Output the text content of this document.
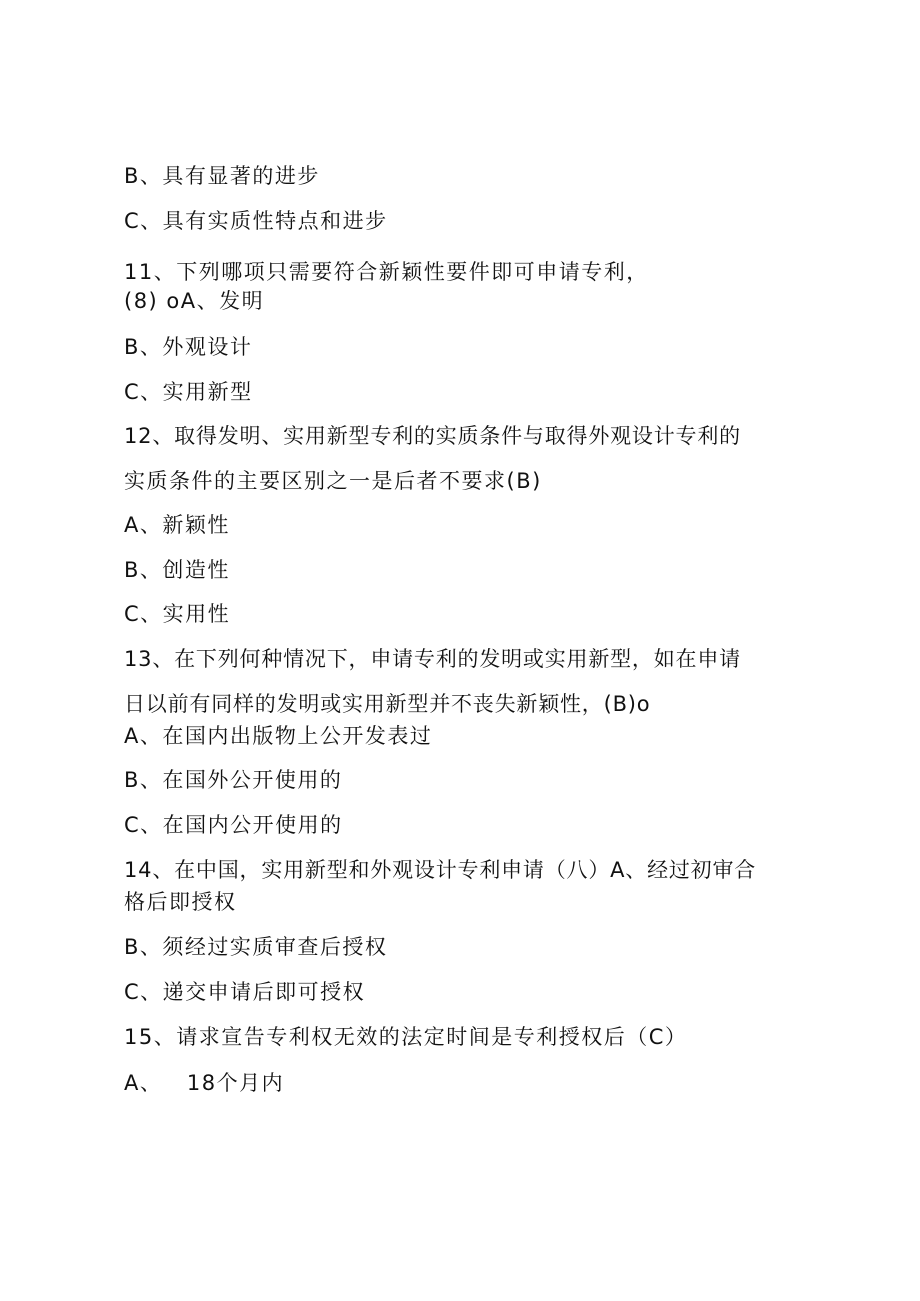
B、具有显著的进步
C、具有实质性特点和进步
11、下列哪项只需要符合新颖性要件即可申请专利，
(8) oA、发明
B、外观设计
C、实用新型
12、取得发明、实用新型专利的实质条件与取得外观设计专利的
实质条件的主要区别之一是后者不要求(B)
A、新颖性
B、创造性
C、实用性
13、在下列何种情况下，申请专利的发明或实用新型，如在申请
日以前有同样的发明或实用新型并不丧失新颖性，(B)o
A、在国内出版物上公开发表过
B、在国外公开使用的
C、在国内公开使用的
14、在中国，实用新型和外观设计专利申请（八）A、经过初审合
格后即授权
B、须经过实质审查后授权
C、递交申请后即可授权
15、请求宣告专利权无效的法定时间是专利授权后（C）
A、   18个月内
